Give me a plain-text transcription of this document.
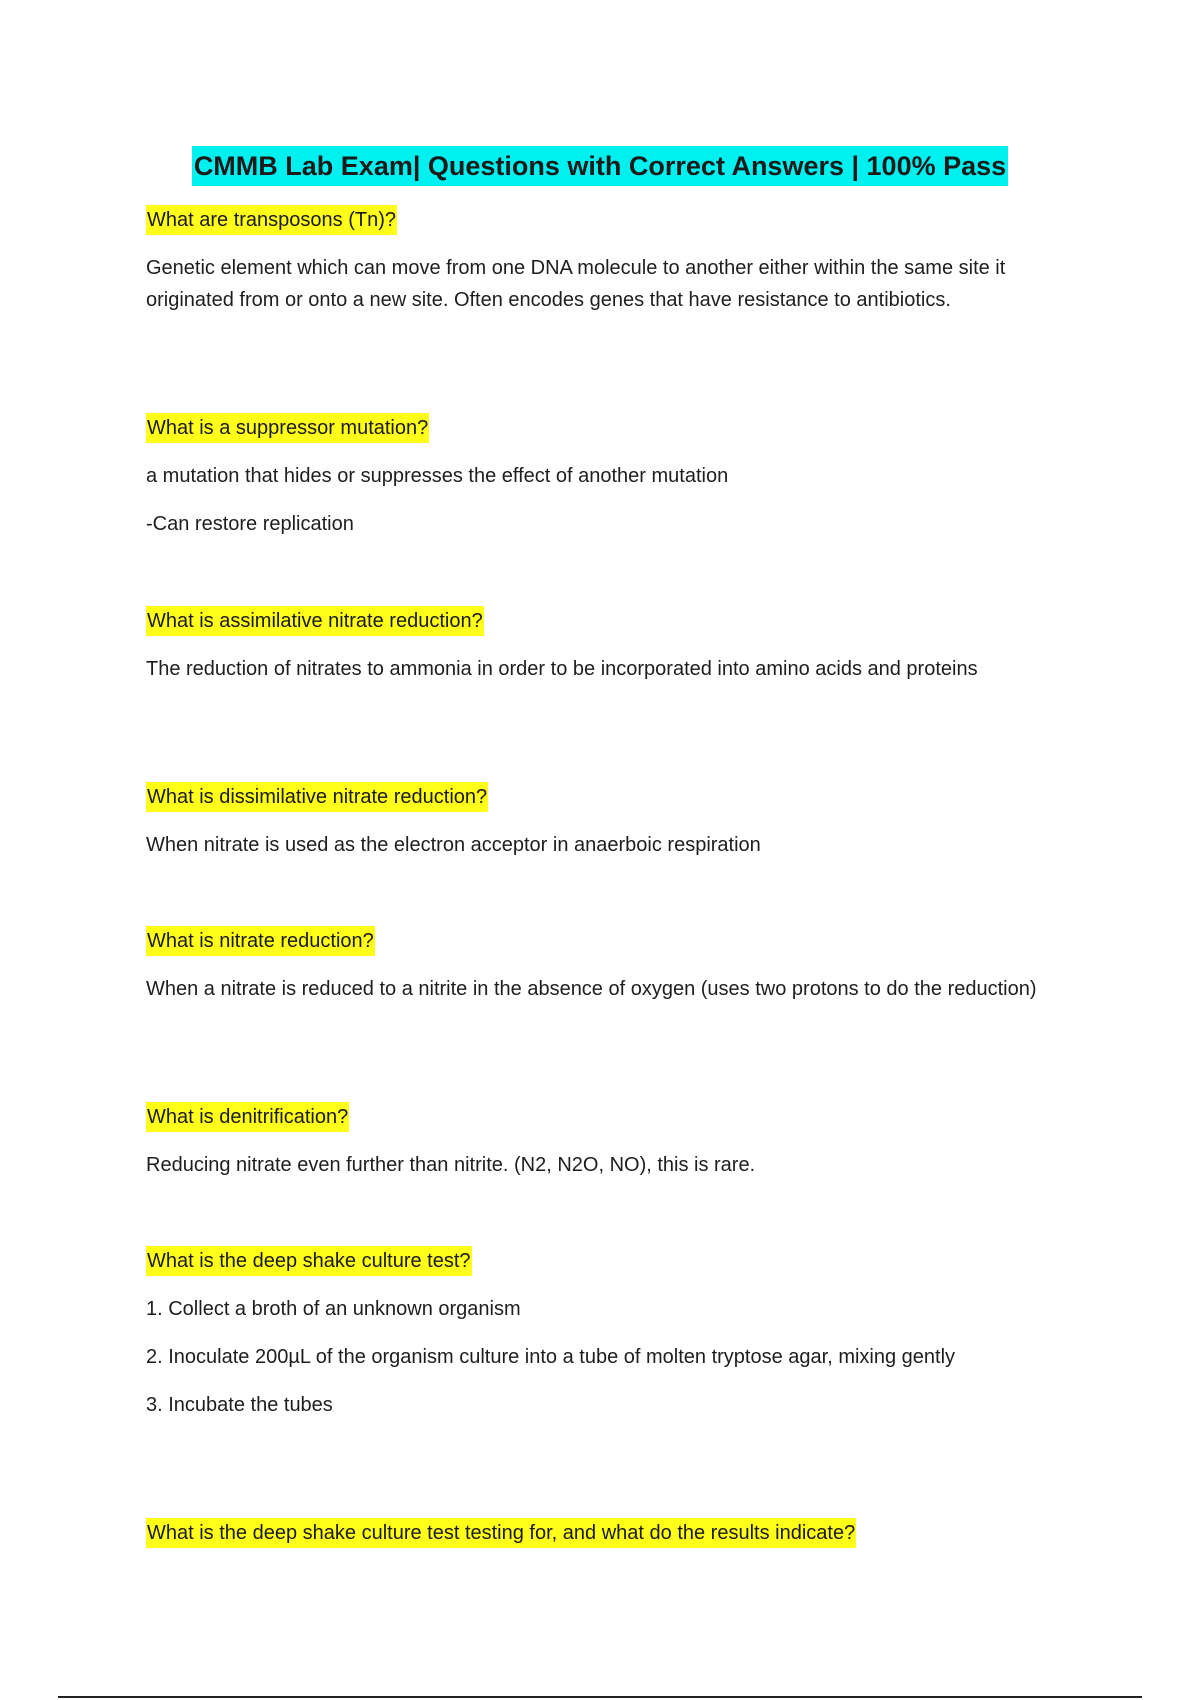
CMMB Lab Exam| Questions with Correct Answers | 100% Pass
What are transposons (Tn)?

Genetic element which can move from one DNA molecule to another either within the same site it originated from or onto a new site. Often encodes genes that have resistance to antibiotics.

What is a suppressor mutation?

a mutation that hides or suppresses the effect of another mutation

-Can restore replication

What is assimilative nitrate reduction?

The reduction of nitrates to ammonia in order to be incorporated into amino acids and proteins

What is dissimilative nitrate reduction?

When nitrate is used as the electron acceptor in anaerboic respiration

What is nitrate reduction?

When a nitrate is reduced to a nitrite in the absence of oxygen (uses two protons to do the reduction)

What is denitrification?

Reducing nitrate even further than nitrite. (N2, N2O, NO), this is rare.

What is the deep shake culture test?

1. Collect a broth of an unknown organism

2. Inoculate 200µL of the organism culture into a tube of molten tryptose agar, mixing gently

3. Incubate the tubes

What is the deep shake culture test testing for, and what do the results indicate?
